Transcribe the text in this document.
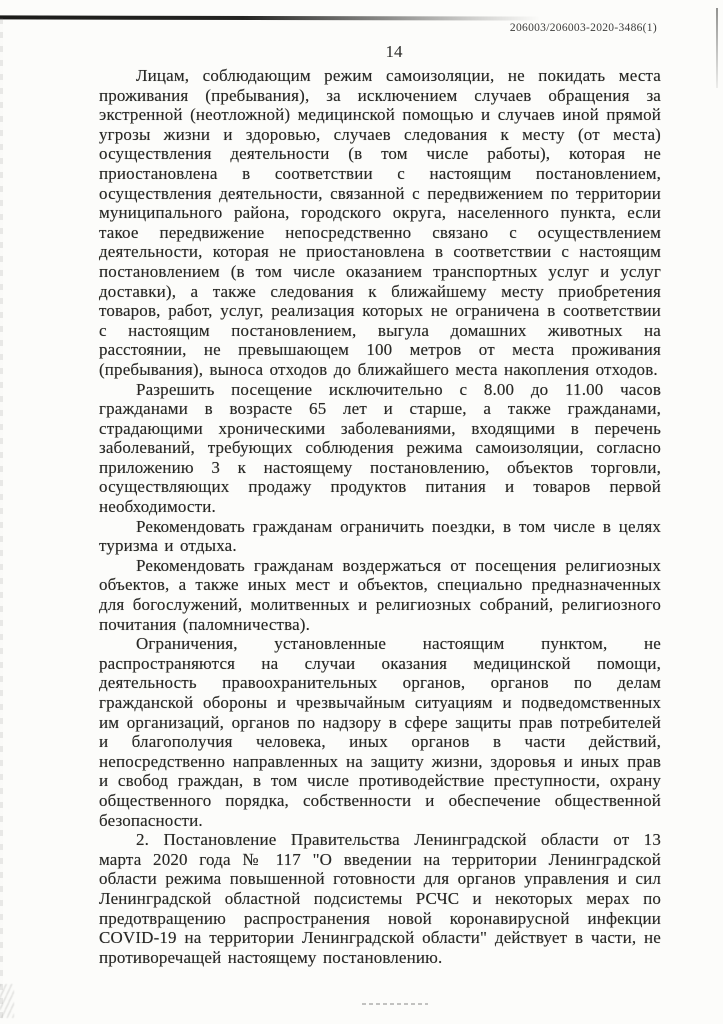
206003/206003-2020-3486(1)
14

Лицам, соблюдающим режим самоизоляции, не покидать места проживания (пребывания), за исключением случаев обращения за экстренной (неотложной) медицинской помощью и случаев иной прямой угрозы жизни и здоровью, случаев следования к месту (от места) осуществления деятельности (в том числе работы), которая не приостановлена в соответствии с настоящим постановлением, осуществления деятельности, связанной с передвижением по территории муниципального района, городского округа, населенного пункта, если такое передвижение непосредственно связано с осуществлением деятельности, которая не приостановлена в соответствии с настоящим постановлением (в том числе оказанием транспортных услуг и услуг доставки), а также следования к ближайшему месту приобретения товаров, работ, услуг, реализация которых не ограничена в соответствии с настоящим постановлением, выгула домашних животных на расстоянии, не превышающем 100 метров от места проживания (пребывания), выноса отходов до ближайшего места накопления отходов.

Разрешить посещение исключительно с 8.00 до 11.00 часов гражданами в возрасте 65 лет и старше, а также гражданами, страдающими хроническими заболеваниями, входящими в перечень заболеваний, требующих соблюдения режима самоизоляции, согласно приложению 3 к настоящему постановлению, объектов торговли, осуществляющих продажу продуктов питания и товаров первой необходимости.

Рекомендовать гражданам ограничить поездки, в том числе в целях туризма и отдыха.

Рекомендовать гражданам воздержаться от посещения религиозных объектов, а также иных мест и объектов, специально предназначенных для богослужений, молитвенных и религиозных собраний, религиозного почитания (паломничества).

Ограничения, установленные настоящим пунктом, не распространяются на случаи оказания медицинской помощи, деятельность правоохранительных органов, органов по делам гражданской обороны и чрезвычайным ситуациям и подведомственных им организаций, органов по надзору в сфере защиты прав потребителей и благополучия человека, иных органов в части действий, непосредственно направленных на защиту жизни, здоровья и иных прав и свобод граждан, в том числе противодействие преступности, охрану общественного порядка, собственности и обеспечение общественной безопасности.

2. Постановление Правительства Ленинградской области от 13 марта 2020 года № 117 "О введении на территории Ленинградской области режима повышенной готовности для органов управления и сил Ленинградской областной подсистемы РСЧС и некоторых мерах по предотвращению распространения новой коронавирусной инфекции COVID-19 на территории Ленинградской области" действует в части, не противоречащей настоящему постановлению.
